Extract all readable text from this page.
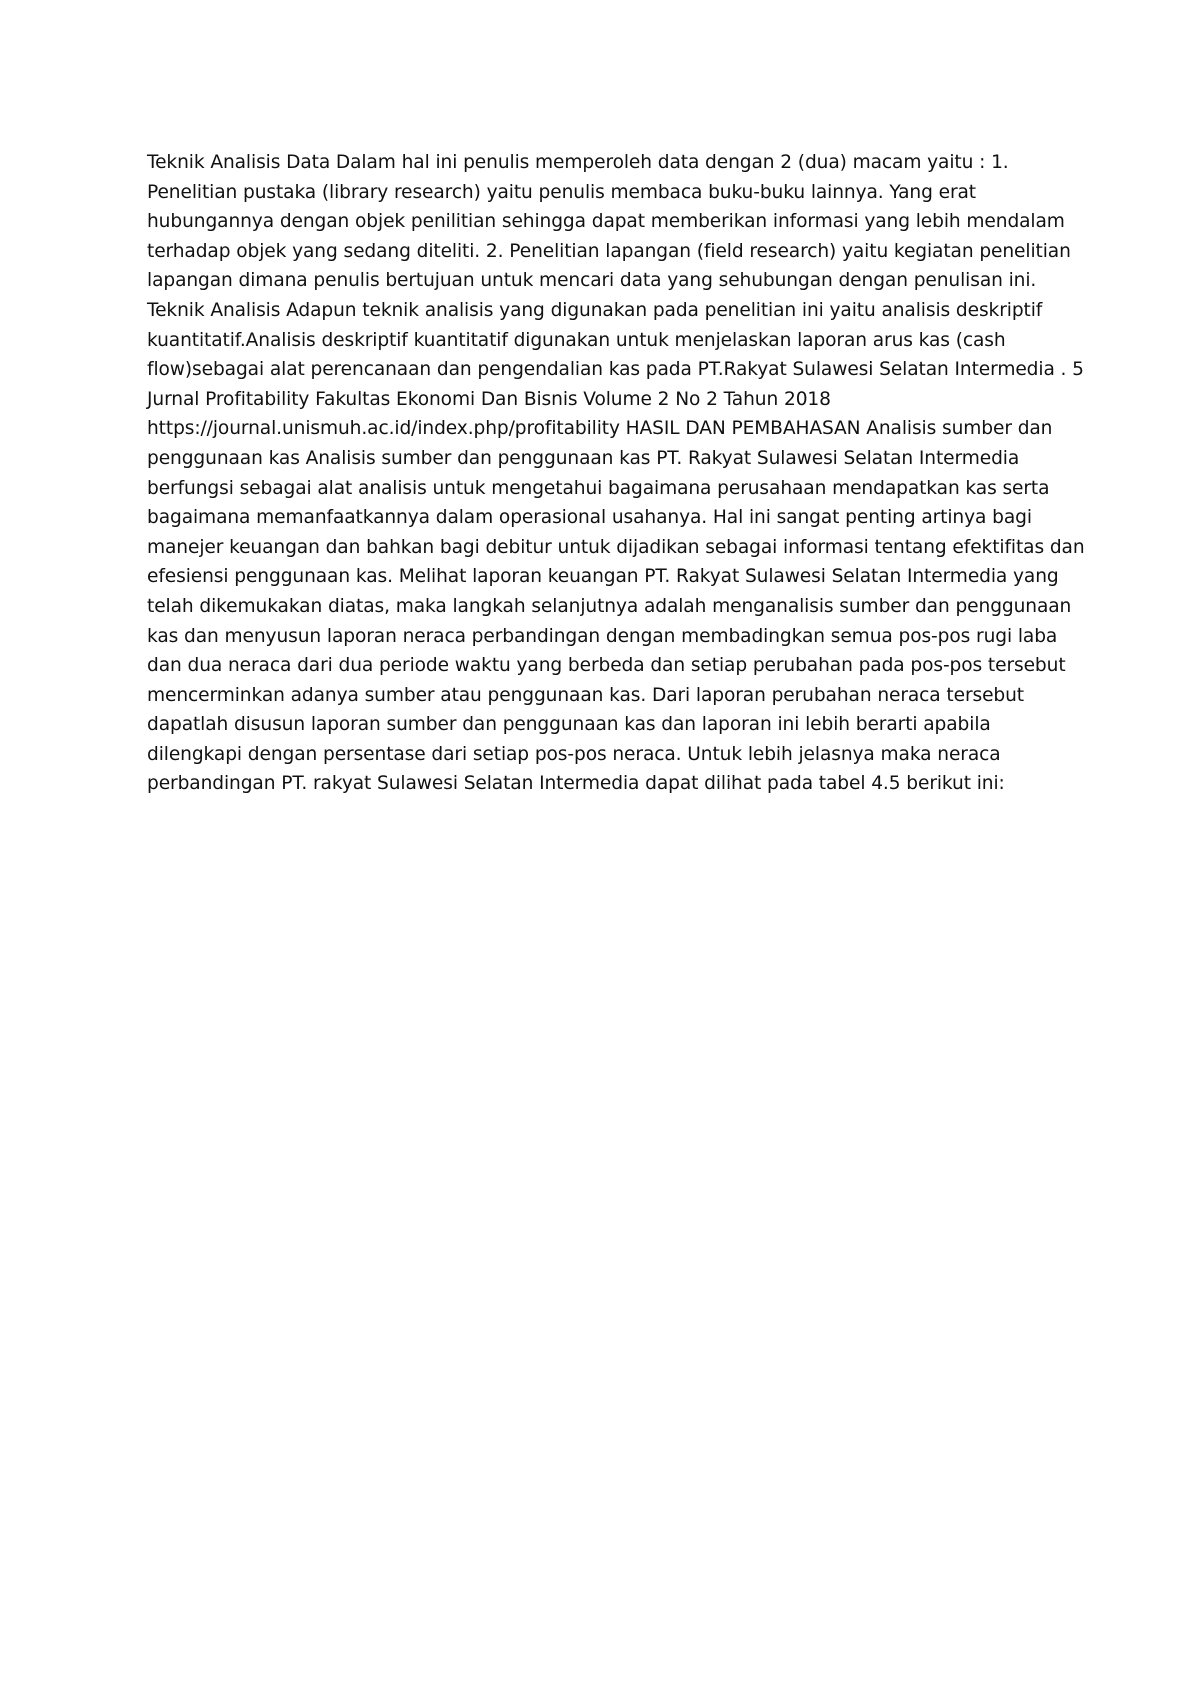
Teknik Analisis Data Dalam hal ini penulis memperoleh data dengan 2 (dua) macam yaitu : 1.
Penelitian pustaka (library research) yaitu penulis membaca buku-buku lainnya. Yang erat
hubungannya dengan objek penilitian sehingga dapat memberikan informasi yang lebih mendalam
terhadap objek yang sedang diteliti. 2. Penelitian lapangan (field research) yaitu kegiatan penelitian
lapangan dimana penulis bertujuan untuk mencari data yang sehubungan dengan penulisan ini.
Teknik Analisis Adapun teknik analisis yang digunakan pada penelitian ini yaitu analisis deskriptif
kuantitatif.Analisis deskriptif kuantitatif digunakan untuk menjelaskan laporan arus kas (cash
flow)sebagai alat perencanaan dan pengendalian kas pada PT.Rakyat Sulawesi Selatan Intermedia . 5
Jurnal Profitability Fakultas Ekonomi Dan Bisnis Volume 2 No 2 Tahun 2018
https://journal.unismuh.ac.id/index.php/profitability HASIL DAN PEMBAHASAN Analisis sumber dan
penggunaan kas Analisis sumber dan penggunaan kas PT. Rakyat Sulawesi Selatan Intermedia
berfungsi sebagai alat analisis untuk mengetahui bagaimana perusahaan mendapatkan kas serta
bagaimana memanfaatkannya dalam operasional usahanya. Hal ini sangat penting artinya bagi
manejer keuangan dan bahkan bagi debitur untuk dijadikan sebagai informasi tentang efektifitas dan
efesiensi penggunaan kas. Melihat laporan keuangan PT. Rakyat Sulawesi Selatan Intermedia yang
telah dikemukakan diatas, maka langkah selanjutnya adalah menganalisis sumber dan penggunaan
kas dan menyusun laporan neraca perbandingan dengan membadingkan semua pos-pos rugi laba
dan dua neraca dari dua periode waktu yang berbeda dan setiap perubahan pada pos-pos tersebut
mencerminkan adanya sumber atau penggunaan kas. Dari laporan perubahan neraca tersebut
dapatlah disusun laporan sumber dan penggunaan kas dan laporan ini lebih berarti apabila
dilengkapi dengan persentase dari setiap pos-pos neraca. Untuk lebih jelasnya maka neraca
perbandingan PT. rakyat Sulawesi Selatan Intermedia dapat dilihat pada tabel 4.5 berikut ini:
